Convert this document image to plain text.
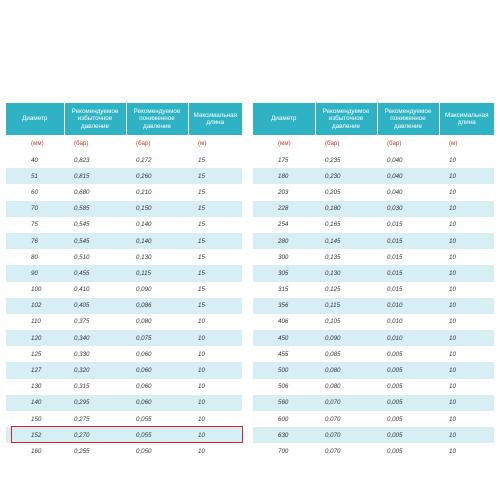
Диаметр	Рекомендуемое избыточное давление	Рекомендуемое пониженное давление	Максимальная длина
(мм)	(бар)	(бар)	(м)
40	0,823	0,272	15
51	0,815	0,260	15
60	0,680	0,210	15
70	0,585	0,150	15
75	0,545	0,140	15
76	0,545	0,140	15
80	0,510	0,130	15
90	0,455	0,115	15
100	0,410	0,090	15
102	0,405	0,086	15
110	0,375	0,080	10
120	0,340	0,075	10
125	0,330	0,060	10
127	0,320	0,060	10
130	0,315	0,060	10
140	0,295	0,060	10
150	0,275	0,055	10
152	0,270	0,055	10
160	0,255	0,050	10
Диаметр	Рекомендуемое избыточное давление	Рекомендуемое пониженное давление	Максимальная длина
(мм)	(бар)	(бар)	(м)
175	0,235	0,040	10
180	0,230	0,040	10
203	0,205	0,040	10
228	0,180	0,030	10
254	0,165	0,015	10
280	0,145	0,015	10
300	0,135	0,015	10
305	0,130	0,015	10
315	0,125	0,015	10
356	0,115	0,010	10
406	0,105	0,010	10
450	0,090	0,010	10
455	0,085	0,005	10
500	0,080	0,005	10
506	0,080	0,005	10
560	0,070	0,005	10
600	0,070	0,005	10
630	0,070	0,005	10
700	0,070	0,005	10
